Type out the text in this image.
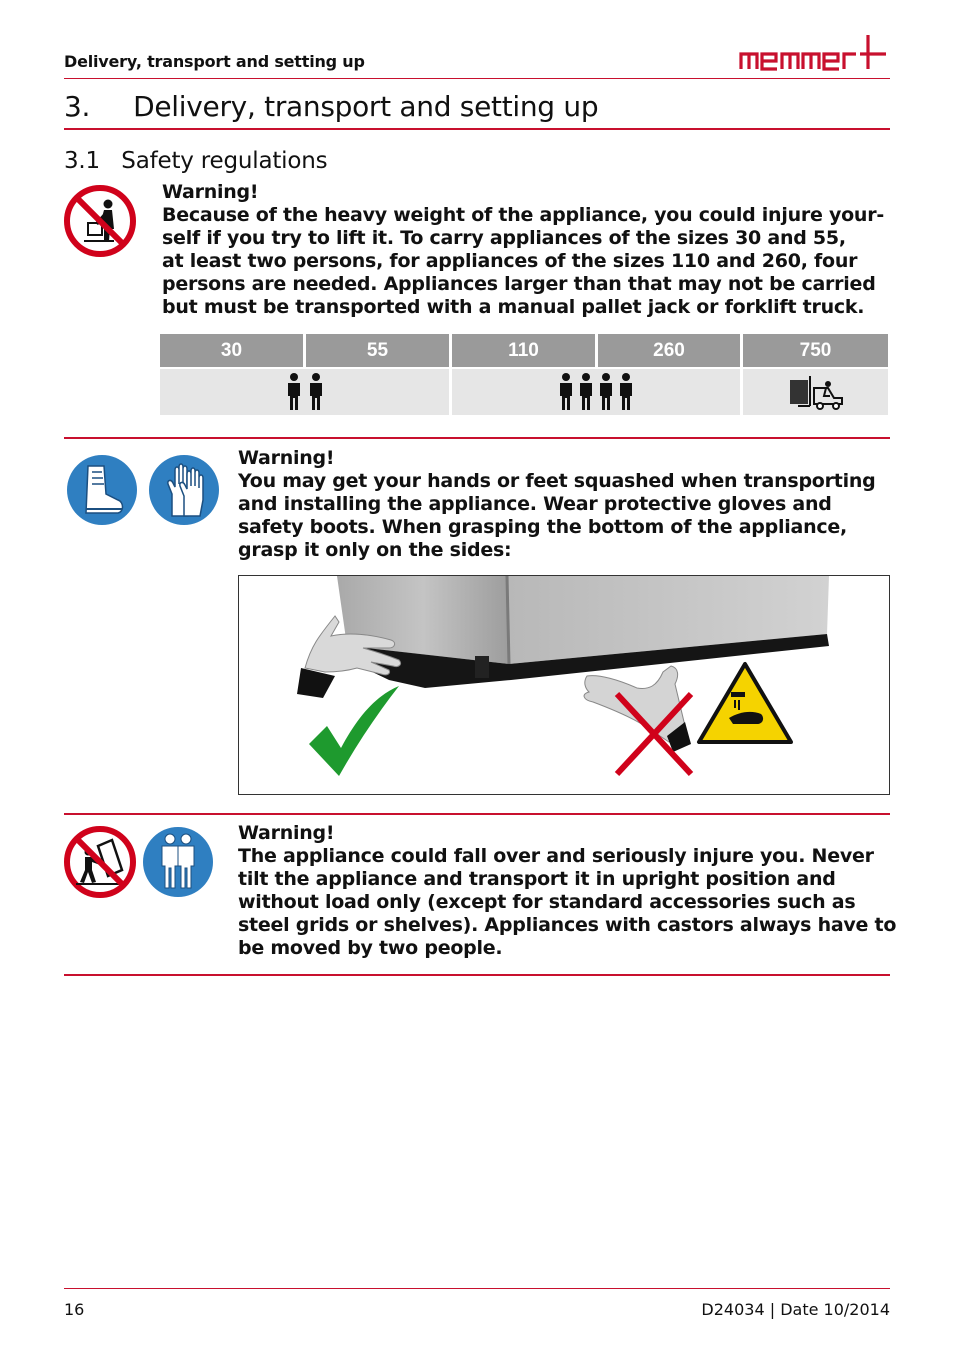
Delivery, transport and setting up
3.     Delivery, transport and setting up
3.1   Safety regulations
Warning!
Because of the heavy weight of the appliance, you could injure your-
self if you try to lift it. To carry appliances of the sizes 30 and 55,
at least two persons, for appliances of the sizes 110 and 260, four
persons are needed. Appliances larger than that may not be carried
but must be transported with a manual pallet jack or forklift truck.
30	55	110	260	750
Warning!
You may get your hands or feet squashed when transporting
and installing the appliance. Wear protective gloves and
safety boots. When grasping the bottom of the appliance,
grasp it only on the sides:
Warning!
The appliance could fall over and seriously injure you. Never
tilt the appliance and transport it in upright position and
without load only (except for standard accessories such as
steel grids or shelves). Appliances with castors always have to
be moved by two people.
16	D24034 | Date 10/2014
